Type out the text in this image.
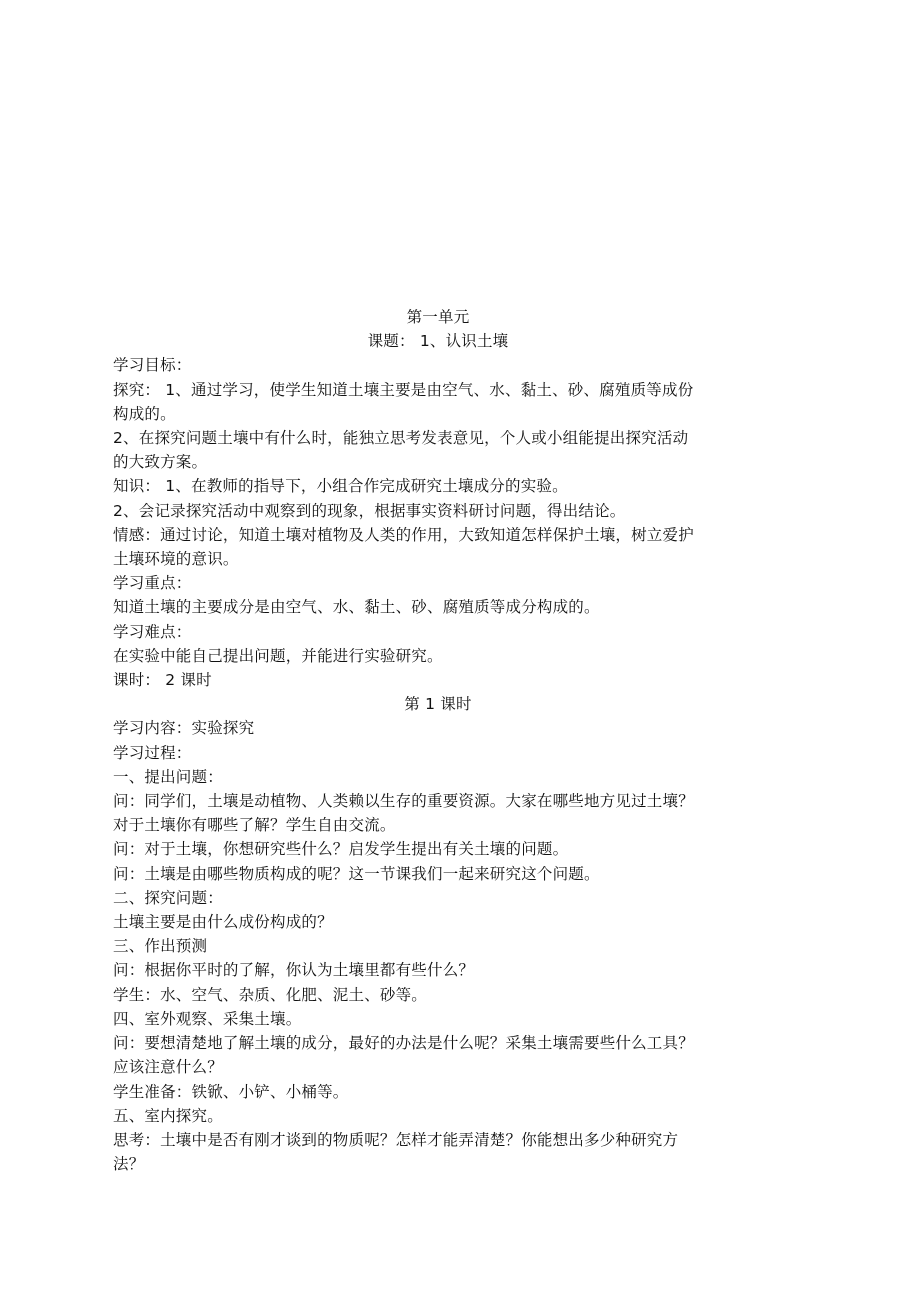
第一单元
课题： 1、认识土壤
学习目标：
探究： 1、通过学习，使学生知道土壤主要是由空气、水、黏土、砂、腐殖质等成份
构成的。
2、在探究问题土壤中有什么时，能独立思考发表意见，个人或小组能提出探究活动
的大致方案。
知识： 1、在教师的指导下，小组合作完成研究土壤成分的实验。
2、会记录探究活动中观察到的现象，根据事实资料研讨问题，得出结论。
情感：通过讨论，知道土壤对植物及人类的作用，大致知道怎样保护土壤，树立爱护
土壤环境的意识。
学习重点：
知道土壤的主要成分是由空气、水、黏土、砂、腐殖质等成分构成的。
学习难点：
在实验中能自己提出问题，并能进行实验研究。
课时： 2 课时
第 1 课时
学习内容：实验探究
学习过程：
一、提出问题：
问：同学们，土壤是动植物、人类赖以生存的重要资源。大家在哪些地方见过土壤？
对于土壤你有哪些了解？学生自由交流。
问：对于土壤，你想研究些什么？启发学生提出有关土壤的问题。
问：土壤是由哪些物质构成的呢？这一节课我们一起来研究这个问题。
二、探究问题：
土壤主要是由什么成份构成的？
三、作出预测
问：根据你平时的了解，你认为土壤里都有些什么？
学生：水、空气、杂质、化肥、泥土、砂等。
四、室外观察、采集土壤。
问：要想清楚地了解土壤的成分，最好的办法是什么呢？采集土壤需要些什么工具？
应该注意什么？
学生准备：铁锨、小铲、小桶等。
五、室内探究。
思考：土壤中是否有刚才谈到的物质呢？怎样才能弄清楚？你能想出多少种研究方
法？
